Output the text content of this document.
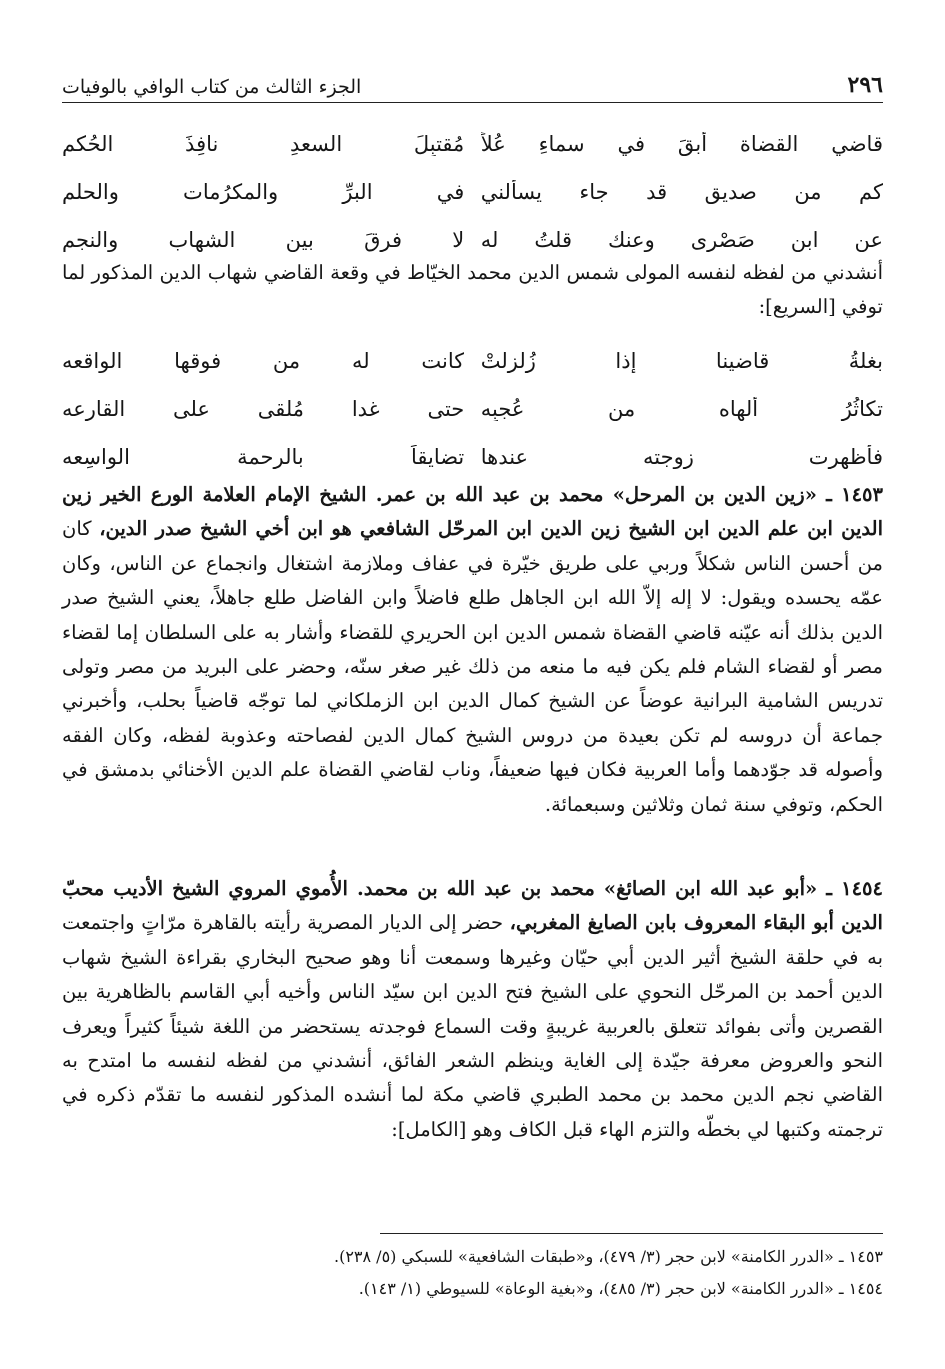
٢٩٦
الجزء الثالث من كتاب الوافي بالوفيات
قاضي القضاة أبقَ في سماءِ عُلاً
مُقتبِلَ السعدِ نافِذَ الحُكمِ
كم من صديقٍ قد جاء يسألني
في البرِّ والمكرُمات والحلمِ
عن ابن صَصْرى وعنك قلتُ له
لا فرقَ بين الشهاب والنجمِ
أنشدني من لفظه لنفسه المولى شمس الدين محمد الخيّاط في وقعة القاضي شهاب الدين المذكور لما توفي [السريع]:
بغلةُ قاضينا إذا زُلزلتْ
كانت له من فوقها الواقعه
تكاثُرُ ألهاه من عُجبِه
حتى غدا مُلقى على القارِعه
فأظهرت زوجته عندها
تضايقاً بالرحمة الواسِعه
١٤٥٣ ـ «زين الدين بن المرحل» محمد بن عبد الله بن عمر. الشيخ الإمام العلامة الورع الخير زين الدين ابن علم الدين ابن الشيخ زين الدين ابن المرحّل الشافعي هو ابن أخي الشيخ صدر الدين، كان من أحسن الناس شكلاً وربي على طريق خيّرة في عفاف وملازمة اشتغال وانجماع عن الناس، وكان عمّه يحسده ويقول: لا إله إلاّ الله ابن الجاهل طلع فاضلاً وابن الفاضل طلع جاهلاً، يعني الشيخ صدر الدين بذلك أنه عيّنه قاضي القضاة شمس الدين ابن الحريري للقضاء وأشار به على السلطان إما لقضاء مصر أو لقضاء الشام فلم يكن فيه ما منعه من ذلك غير صغر سنّه، وحضر على البريد من مصر وتولى تدريس الشامية البرانية عوضاً عن الشيخ كمال الدين ابن الزملكاني لما توجّه قاضياً بحلب، وأخبرني جماعة أن دروسه لم تكن بعيدة من دروس الشيخ كمال الدين لفصاحته وعذوبة لفظه، وكان الفقه وأصوله قد جوّدهما وأما العربية فكان فيها ضعيفاً، وناب لقاضي القضاة علم الدين الأخنائي بدمشق في الحكم، وتوفي سنة ثمان وثلاثين وسبعمائة.
١٤٥٤ ـ «أبو عبد الله ابن الصائغ» محمد بن عبد الله بن محمد. الأُموي المروي الشيخ الأديب محبّ الدين أبو البقاء المعروف بابن الصايغ المغربي، حضر إلى الديار المصرية رأيته بالقاهرة مرّاتٍ واجتمعت به في حلقة الشيخ أثير الدين أبي حيّان وغيرها وسمعت أنا وهو صحيح البخاري بقراءة الشيخ شهاب الدين أحمد بن المرحّل النحوي على الشيخ فتح الدين ابن سيّد الناس وأخيه أبي القاسم بالظاهرية بين القصرين وأتى بفوائد تتعلق بالعربية غريبةٍ وقت السماع فوجدته يستحضر من اللغة شيئاً كثيراً ويعرف النحو والعروض معرفة جيّدة إلى الغاية وينظم الشعر الفائق، أنشدني من لفظه لنفسه ما امتدح به القاضي نجم الدين محمد بن محمد الطبري قاضي مكة لما أنشده المذكور لنفسه ما تقدّم ذكره في ترجمته وكتبها لي بخطّه والتزم الهاء قبل الكاف وهو [الكامل]:
١٤٥٣ ـ «الدرر الكامنة» لابن حجر (٣/ ٤٧٩)، و«طبقات الشافعية» للسبكي (٥/ ٢٣٨).
١٤٥٤ ـ «الدرر الكامنة» لابن حجر (٣/ ٤٨٥)، و«بغية الوعاة» للسيوطي (١/ ١٤٣).
